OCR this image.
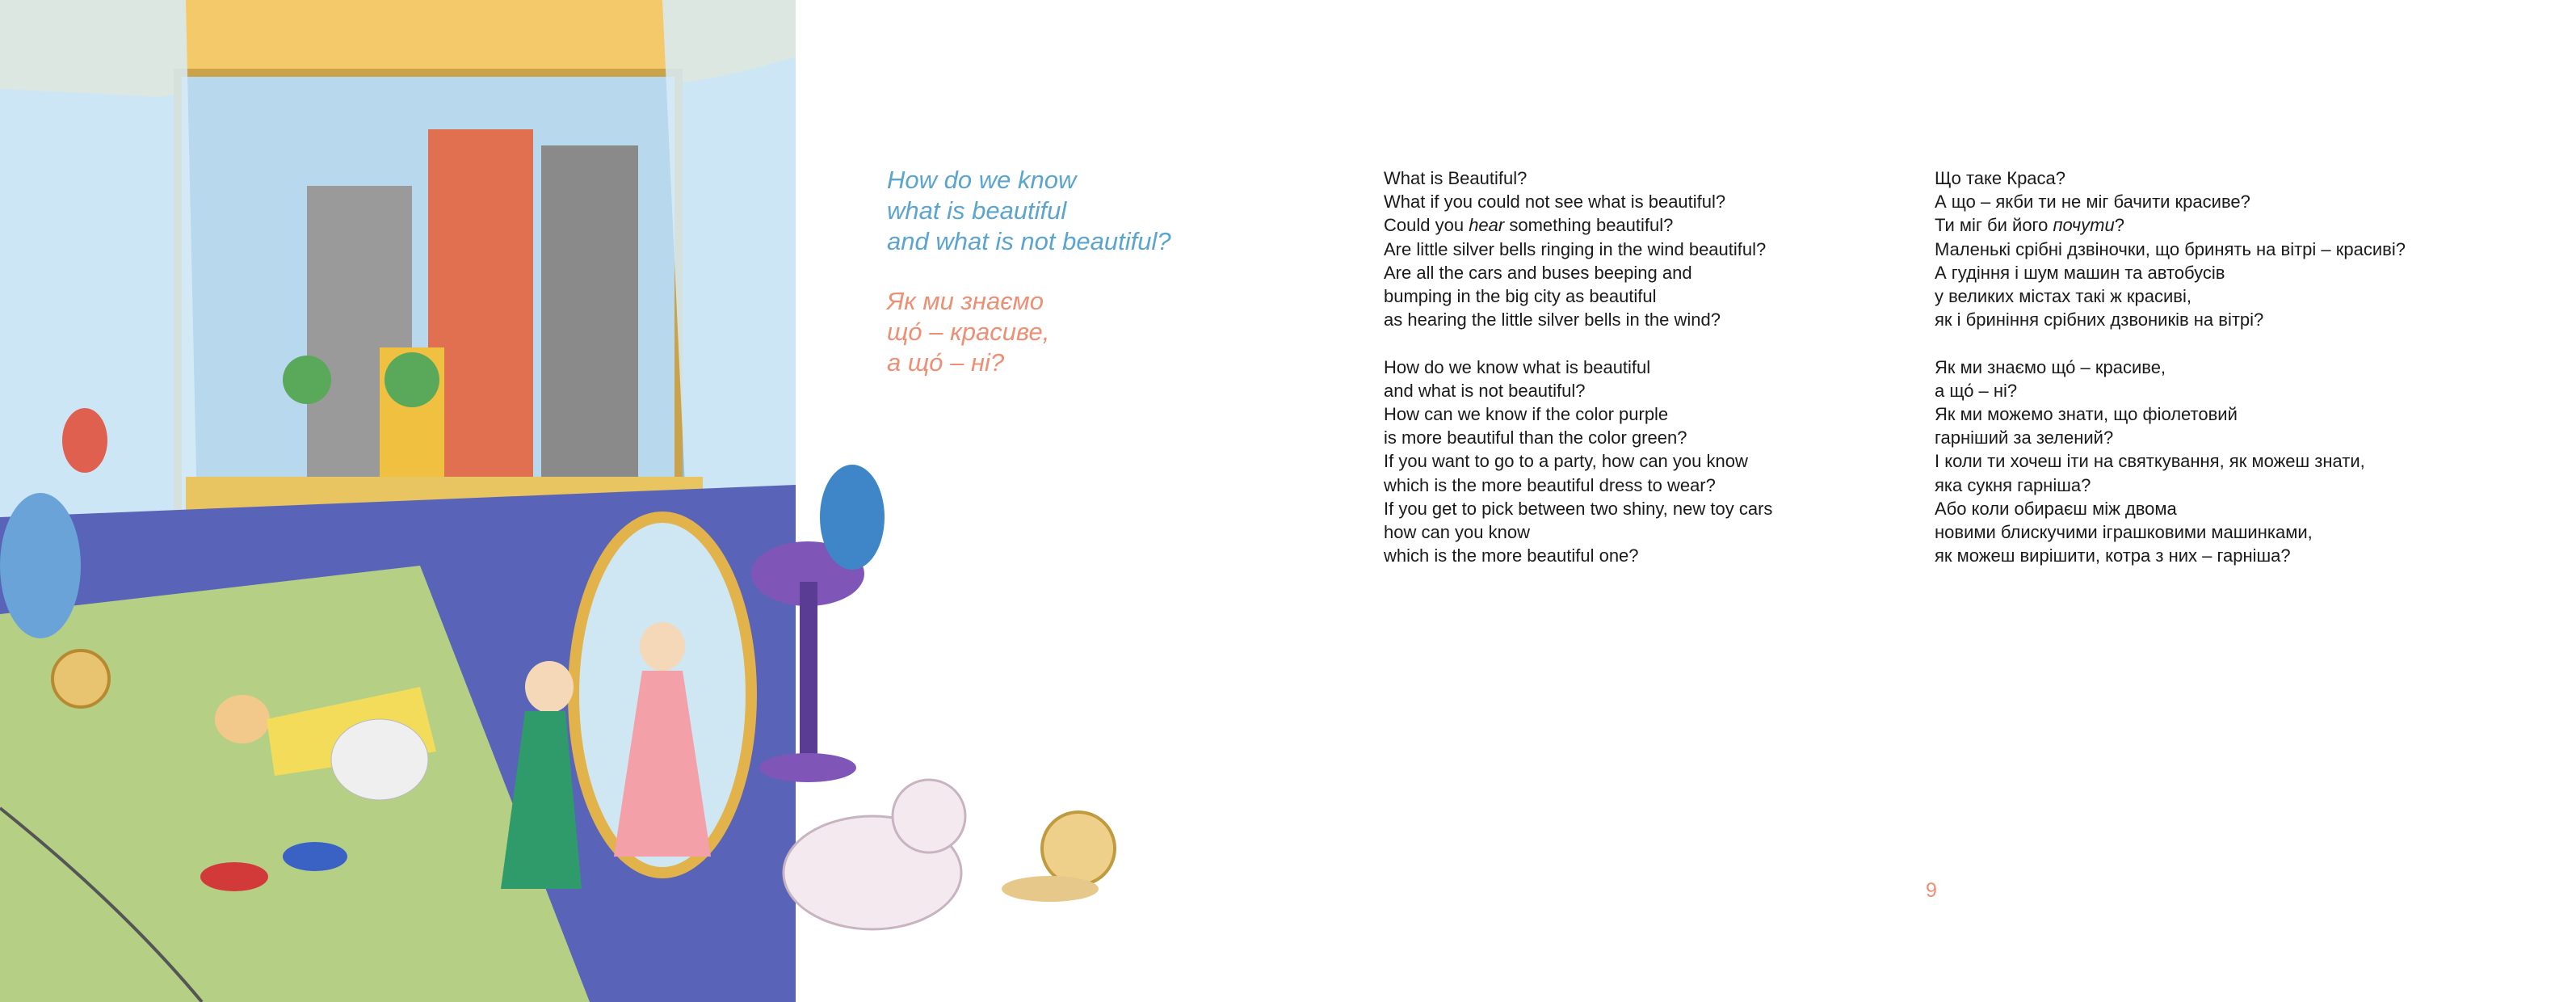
How do we know
what is beautiful
and what is not beautiful?
Як ми знаємо
що́ – красиве,
а що́ – ні?
What is Beautiful?
What if you could not see what is beautiful?
Could you hear something beautiful?
Are little silver bells ringing in the wind beautiful?
Are all the cars and buses beeping and
bumping in the big city as beautiful
as hearing the little silver bells in the wind?
How do we know what is beautiful
and what is not beautiful?
How can we know if the color purple
is more beautiful than the color green?
If you want to go to a party, how can you know
which is the more beautiful dress to wear?
If you get to pick between two shiny, new toy cars
how can you know
which is the more beautiful one?
Що таке Краса?
А що – якби ти не міг бачити красиве?
Ти міг би його почути?
Маленькі срібні дзвіночки, що бринять на вітрі – красиві?
А гудіння і шум машин та автобусів
у великих містах такі ж красиві,
як і бриніння срібних дзвоників на вітрі?
Як ми знаємо що́ – красиве,
а що́ – ні?
Як ми можемо знати, що фіолетовий
гарніший за зелений?
І коли ти хочеш іти на святкування, як можеш знати,
яка сукня гарніша?
Або коли обираєш між двома
новими блискучими іграшковими машинками,
як можеш вирішити, котра з них – гарніша?
9
